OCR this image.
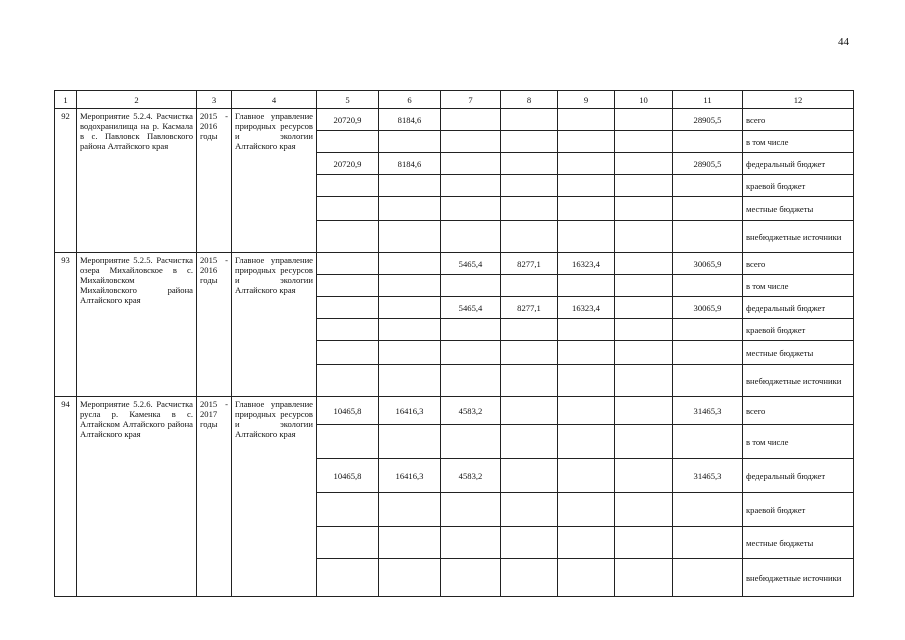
44
1	2	3	4	5	6	7	8	9	10	11	12
92	Мероприятие 5.2.4. Расчистка водохранилища на р. Касмала в с. Павловск Павловского района Алтайского края	2015 - 2016 годы	Главное управление природных ресурсов и экологии Алтайского края	20720,9	8184,6					28905,5	всего
											в том числе
				20720,9	8184,6					28905,5	федеральный бюджет
											краевой бюджет
											местные бюджеты
											внебюджетные источники
93	Мероприятие 5.2.5. Расчистка озера Михайловское в с. Михайловском Михайловского района Алтайского края	2015 - 2016 годы	Главное управление природных ресурсов и экологии Алтайского края			5465,4	8277,1	16323,4		30065,9	всего
											в том числе
						5465,4	8277,1	16323,4		30065,9	федеральный бюджет
											краевой бюджет
											местные бюджеты
											внебюджетные источники
94	Мероприятие 5.2.6. Расчистка русла р. Каменка в с. Алтайском Алтайского района Алтайского края	2015 - 2017 годы	Главное управление природных ресурсов и экологии Алтайского края	10465,8	16416,3	4583,2				31465,3	всего
											в том числе
				10465,8	16416,3	4583,2				31465,3	федеральный бюджет
											краевой бюджет
											местные бюджеты
											внебюджетные источники
